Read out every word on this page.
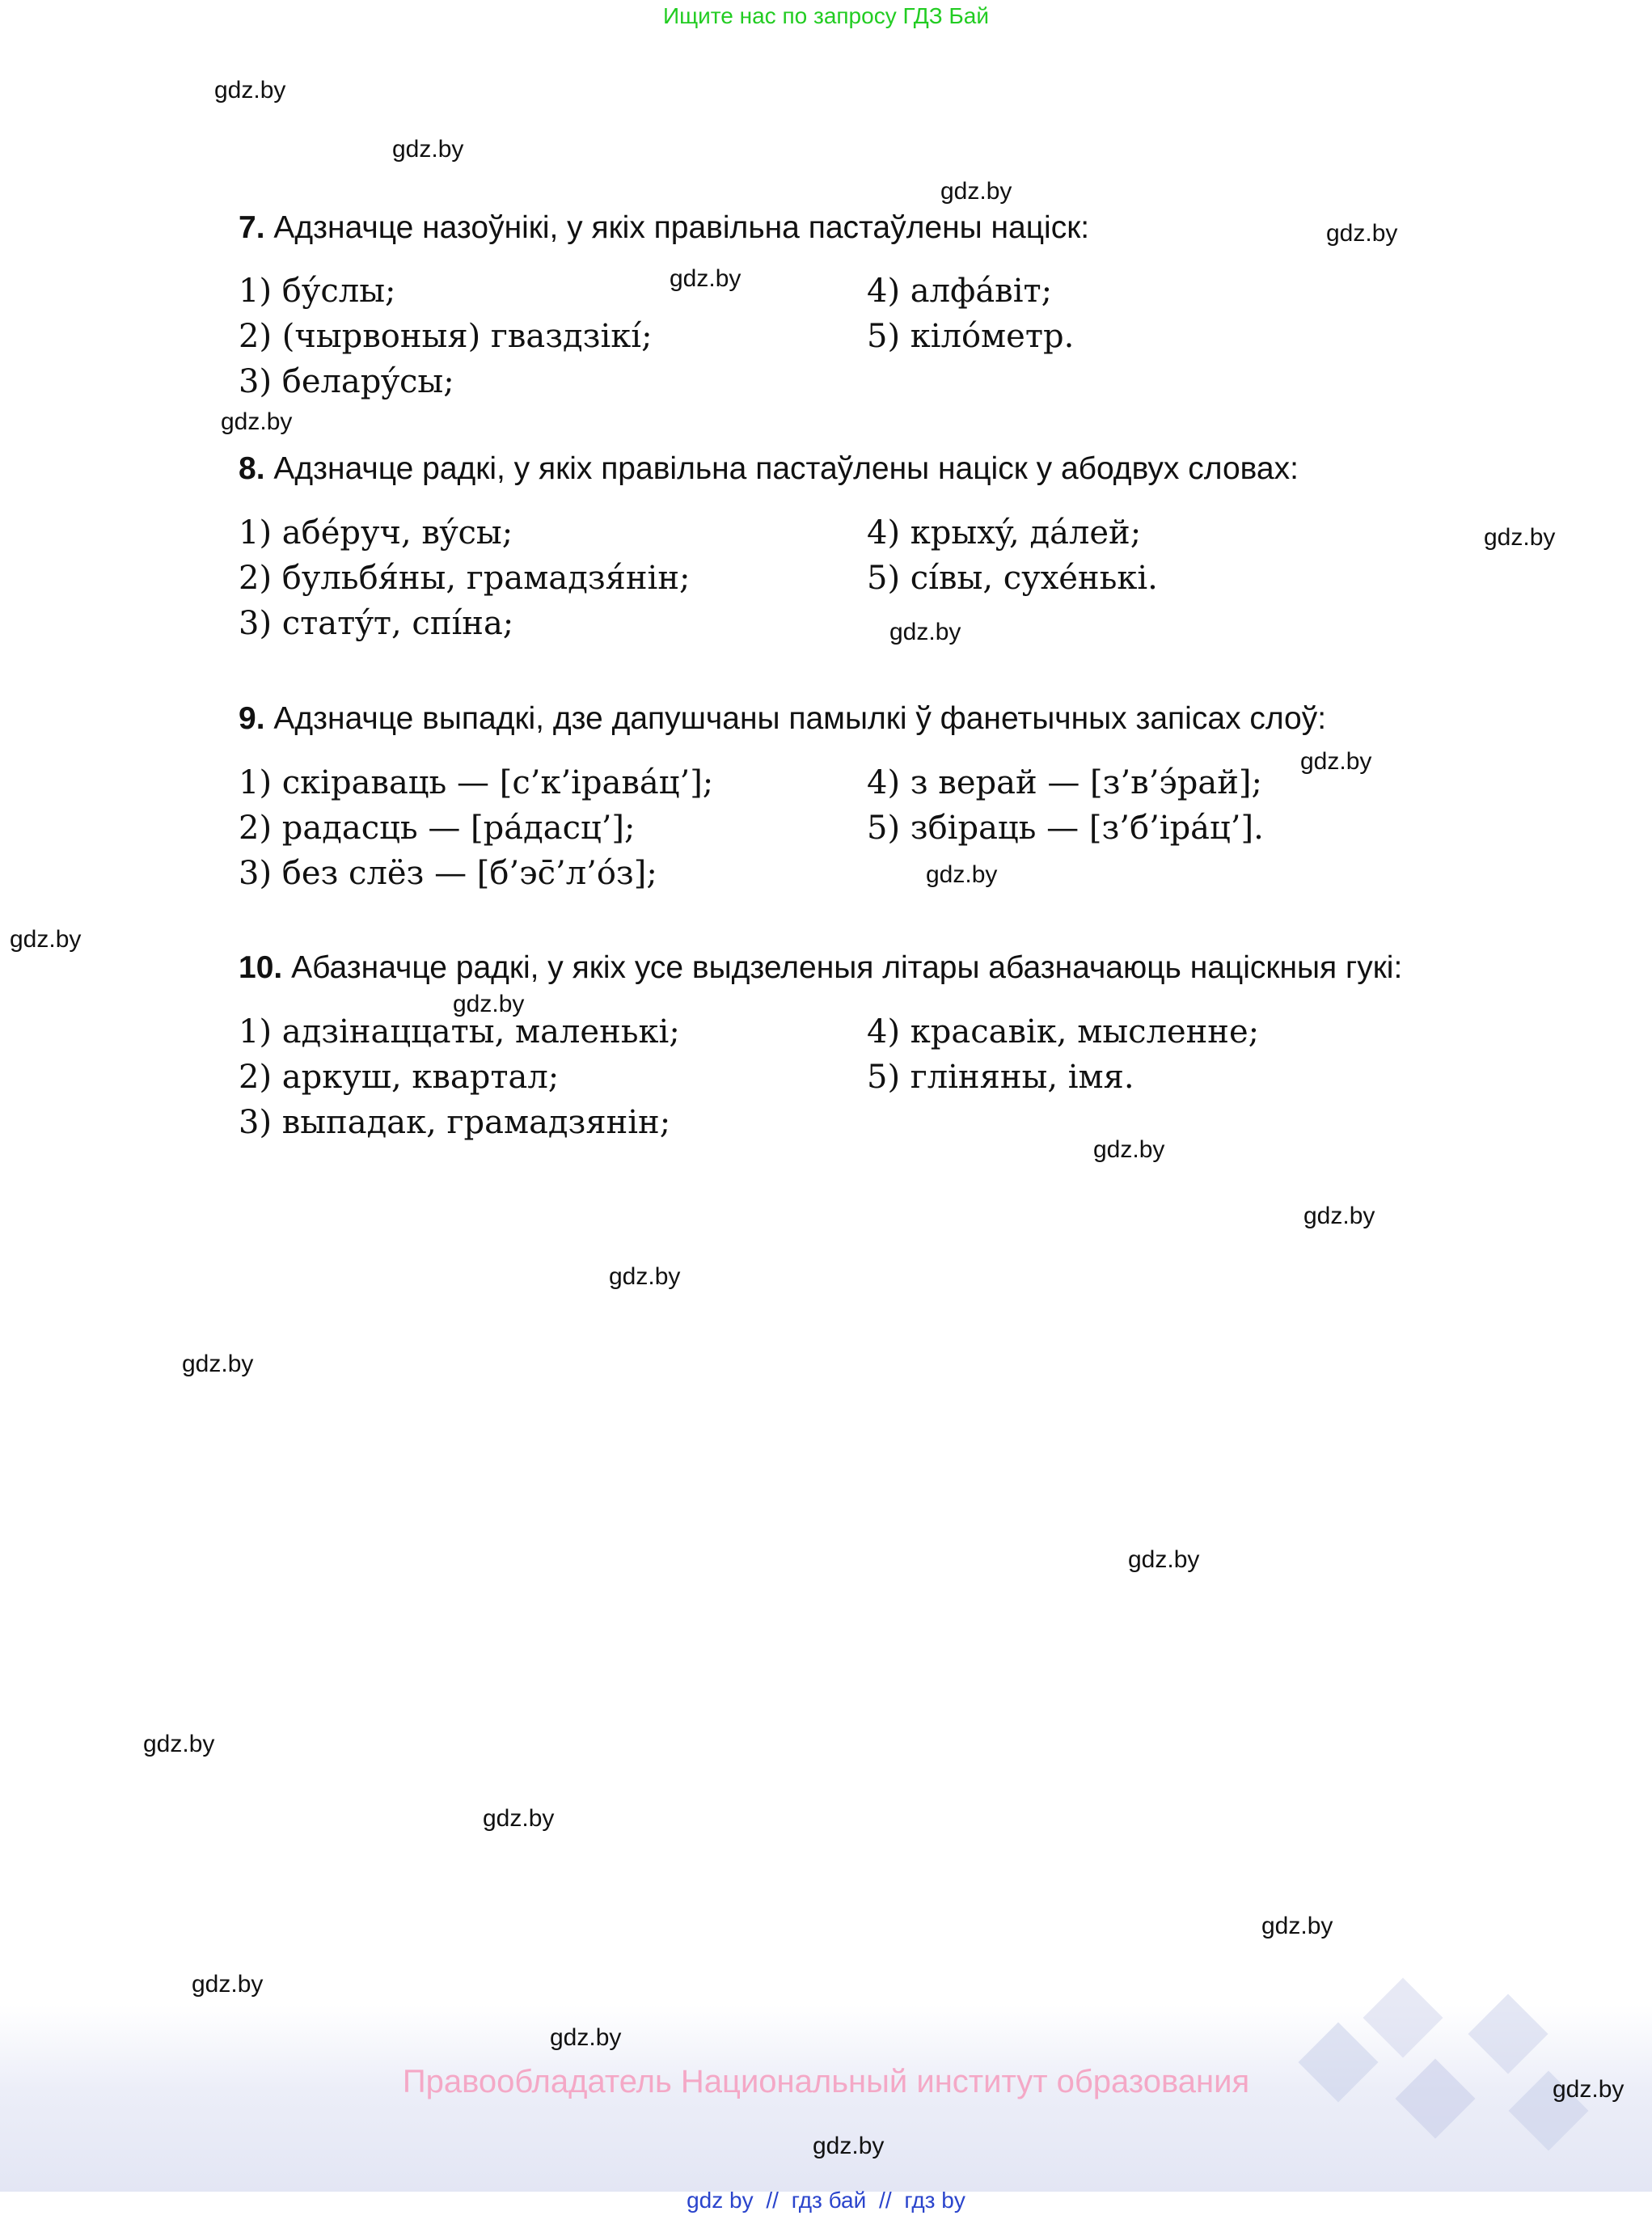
Ищите нас по запросу ГДЗ Бай
gdz.by
gdz.by
gdz.by
gdz.by
gdz.by
gdz.by
gdz.by
gdz.by
gdz.by
gdz.by
gdz.by
gdz.by
gdz.by
gdz.by
gdz.by
gdz.by
gdz.by
gdz.by
gdz.by
gdz.by
gdz.by
7. Адзначце назоўнікі, у якіх правільна пастаўлены націск:
1) бу́слы;
2) (чырвоныя) гваздзікí;
3) беларýсы;
4) алфа́віт;
5) кіло́метр.
8. Адзначце радкі, у якіх правільна пастаўлены націск у абодвух словах:
1) абе́руч, вýсы;
2) бульбя́ны, грамадзя́нін;
3) статýт, спíна;
4) крыхý, да́лей;
5) сíвы, сухе́нькі.
9. Адзначце выпадкі, дзе дапушчаны памылкі ў фанетычных запісах слоў:
1) скіраваць — [с’к’іравáц’];
2) радасць — [рáдасц’];
3) без слёз — [б’эс̄’л’óз];
4) з верай — [з’в’э́рай];
5) збіраць — [з’б’ірáц’].
10. Абазначце радкі, у якіх усе выдзеленыя літары абазначаюць націскныя гукі:
1) адзінаццаты, маленькі;
2) аркуш, квартал;
3) выпадак, грамадзянін;
4) красавік, мысленне;
5) гліняны, імя.
Правообладатель Национальный институт образования
gdz.by
gdz.by
gdz.by
gdz by // гдз бай // гдз by
